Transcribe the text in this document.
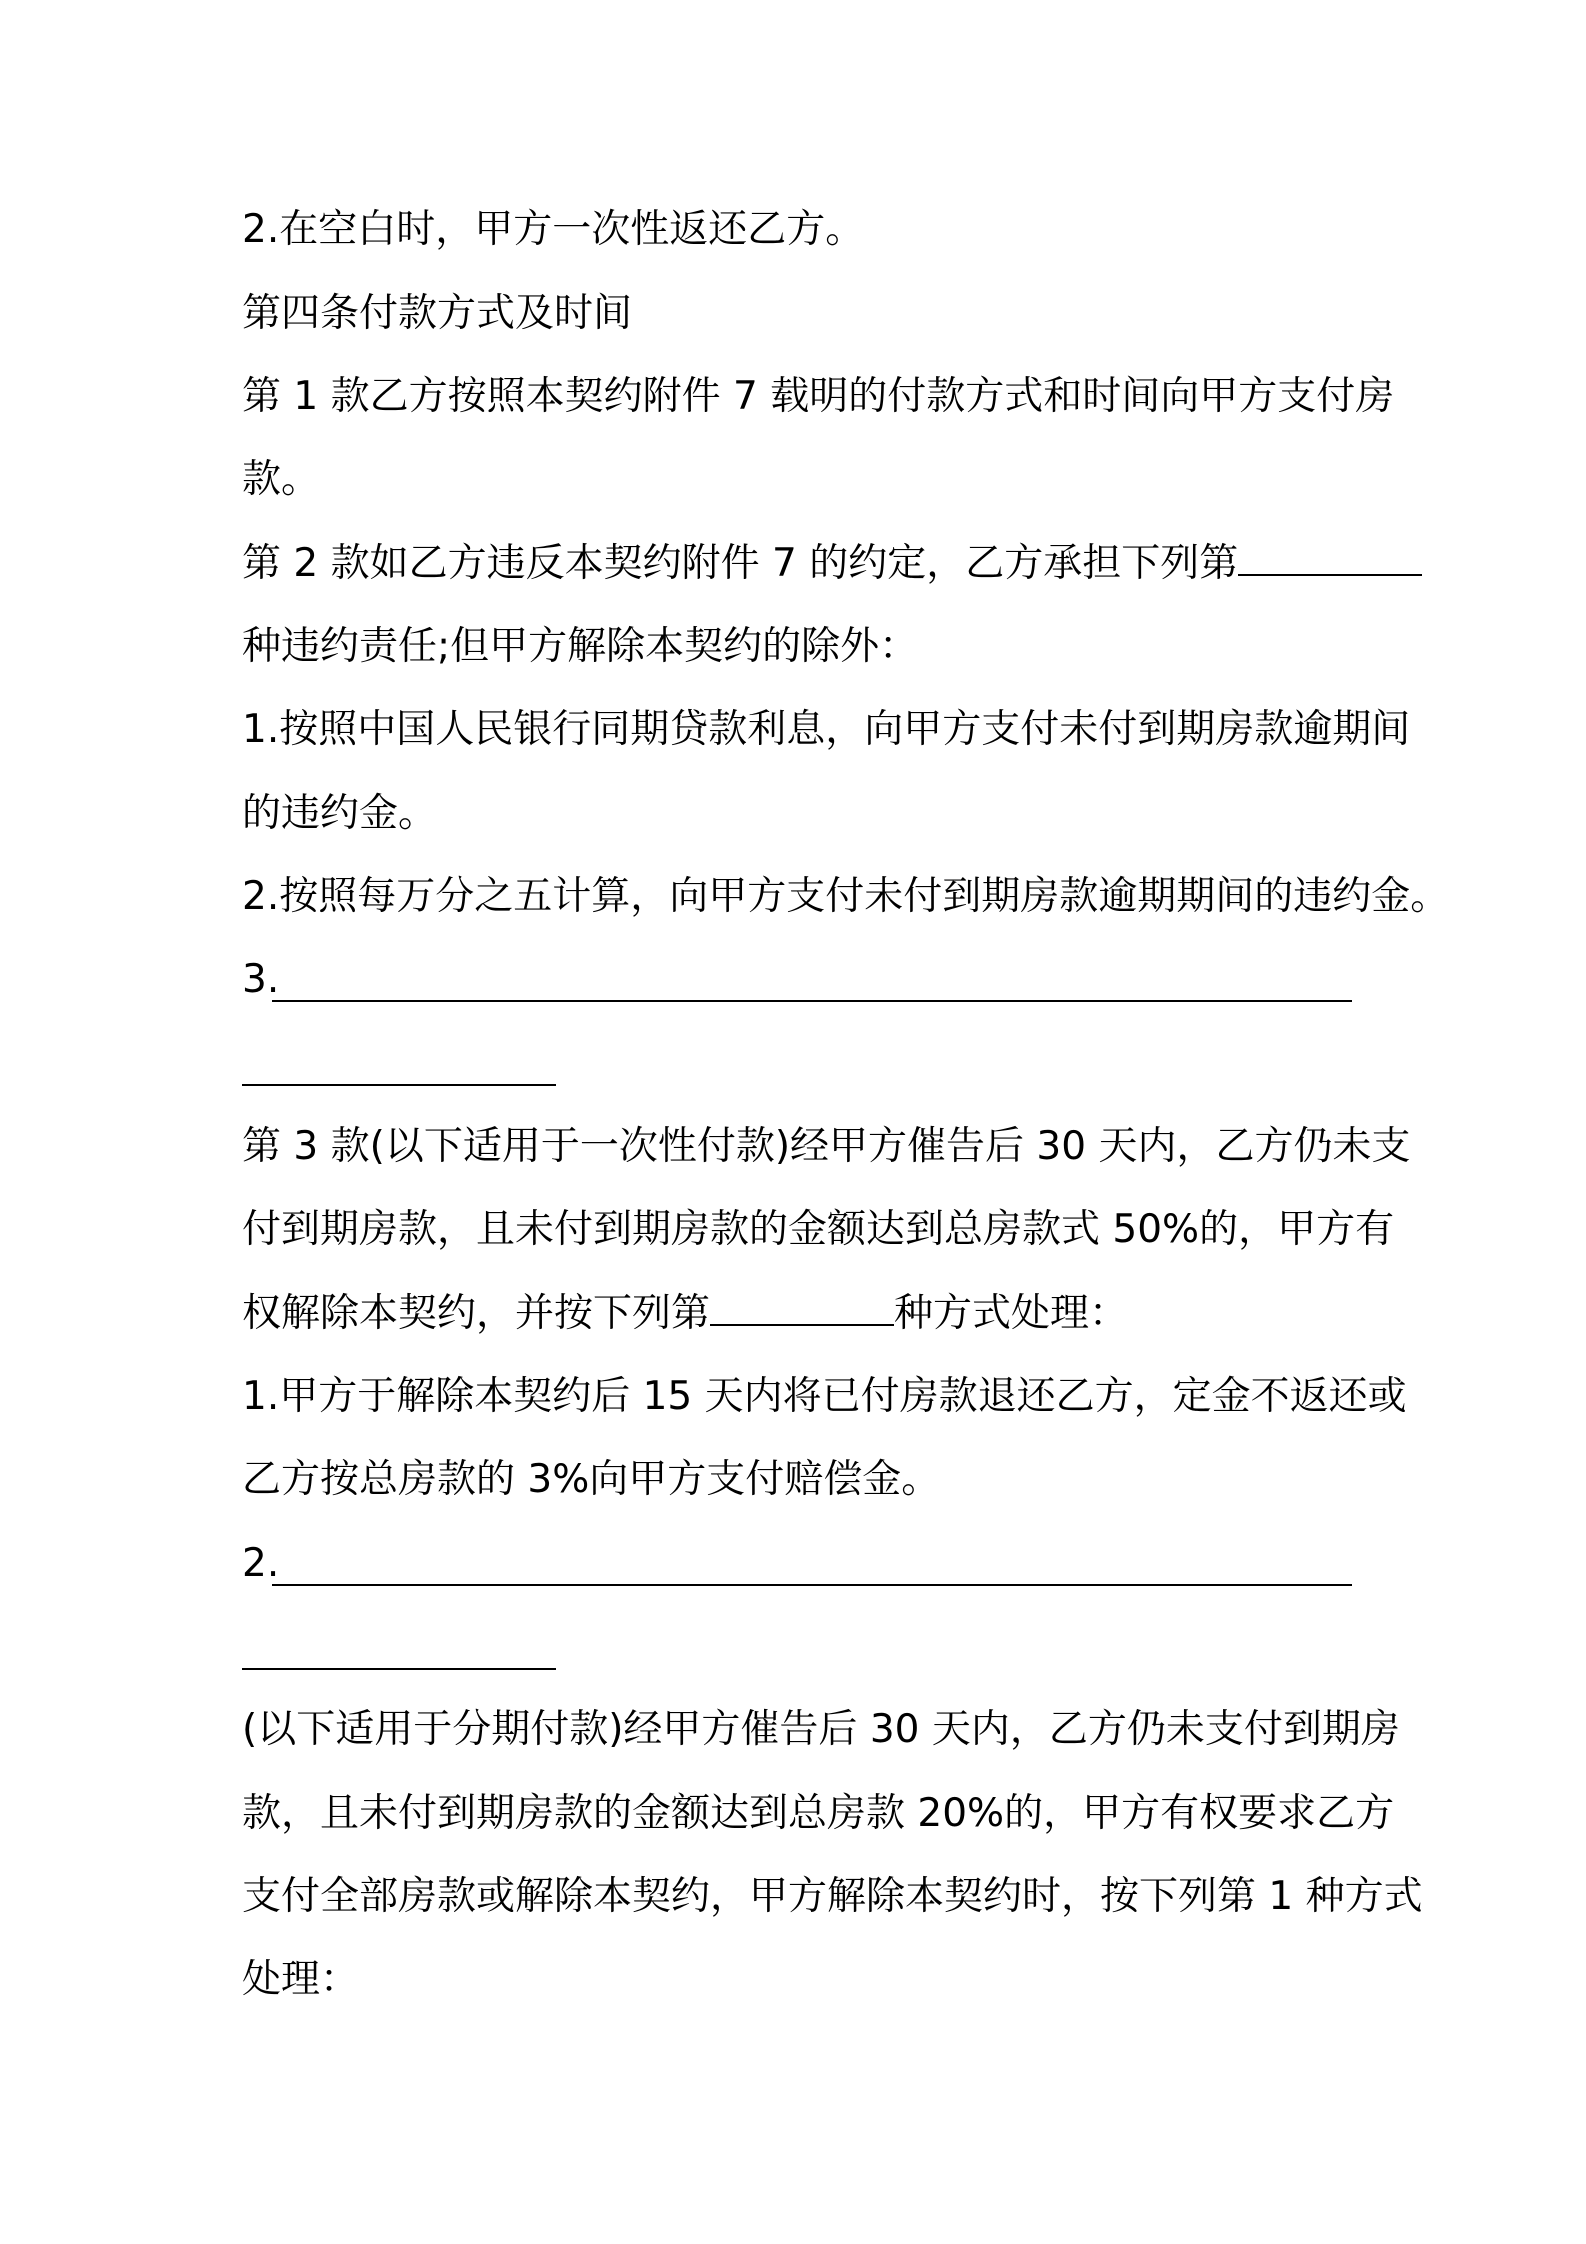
2.在空白时，甲方一次性返还乙方。
第四条付款方式及时间
第 1 款乙方按照本契约附件 7 载明的付款方式和时间向甲方支付房
款。
第 2 款如乙方违反本契约附件 7 的约定，乙方承担下列第
种违约责任;但甲方解除本契约的除外：
1.按照中国人民银行同期贷款利息，向甲方支付未付到期房款逾期间
的违约金。
2.按照每万分之五计算，向甲方支付未付到期房款逾期期间的违约金。
3.
第 3 款(以下适用于一次性付款)经甲方催告后 30 天内，乙方仍未支
付到期房款，且未付到期房款的金额达到总房款式 50%的，甲方有
权解除本契约，并按下列第	种方式处理：
1.甲方于解除本契约后 15 天内将已付房款退还乙方，定金不返还或
乙方按总房款的 3%向甲方支付赔偿金。
2.
(以下适用于分期付款)经甲方催告后 30 天内，乙方仍未支付到期房
款，且未付到期房款的金额达到总房款 20%的，甲方有权要求乙方
支付全部房款或解除本契约，甲方解除本契约时，按下列第 1 种方式
处理：
